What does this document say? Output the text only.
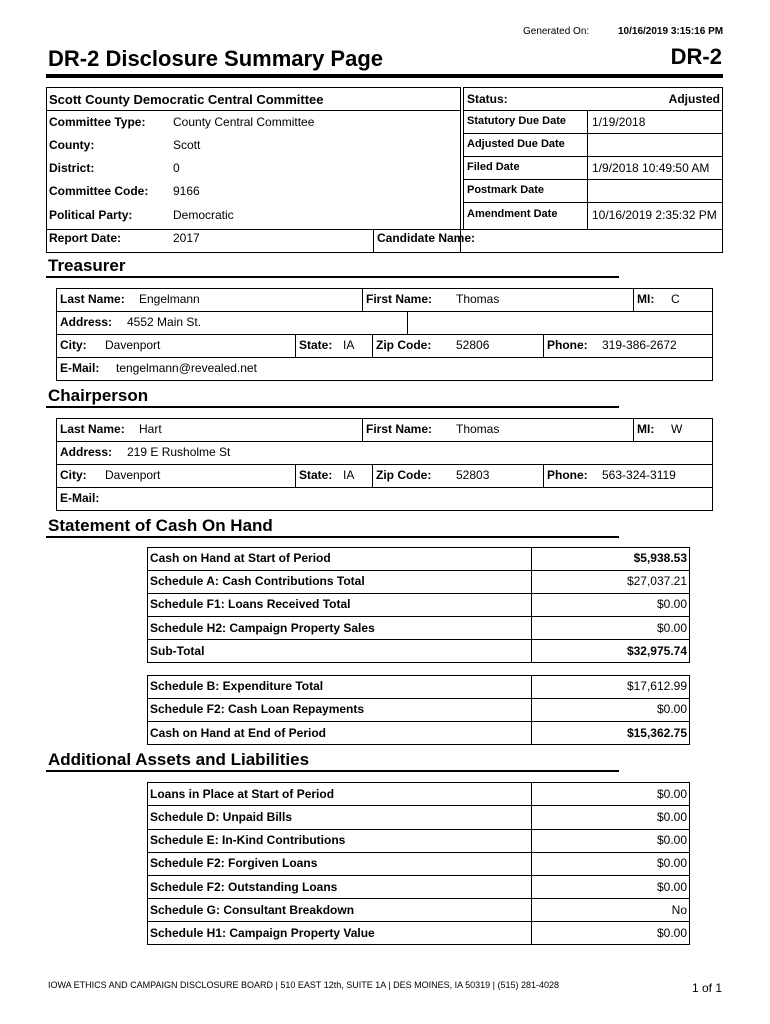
Generated On:	10/16/2019 3:15:16 PM
DR-2 Disclosure Summary Page	DR-2
Scott County Democratic Central Committee
Committee Type: County Central Committee
County:	Scott
District:	0
Committee Code: 9166
Political Party:	Democratic
Report Date:	2017	Candidate Name:
Status:	Adjusted
Statutory Due Date 1/19/2018
Adjusted Due Date
Filed Date	1/9/2018 10:49:50 AM
Postmark Date
Amendment Date	10/16/2019 2:35:32 PM
Treasurer
Last Name: Engelmann	First Name: Thomas	MI: C
Address: 4552 Main St.
City: Davenport	State: IA Zip Code: 52806	Phone: 319-386-2672
E-Mail: tengelmann@revealed.net
Chairperson
Last Name: Hart	First Name: Thomas	MI: W
Address: 219 E Rusholme St
City: Davenport	State: IA Zip Code: 52803	Phone: 563-324-3119
E-Mail:
Statement of Cash On Hand
Cash on Hand at Start of Period	$5,938.53
Schedule A: Cash Contributions Total	$27,037.21
Schedule F1: Loans Received Total	$0.00
Schedule H2: Campaign Property Sales	$0.00
Sub-Total	$32,975.74
Schedule B: Expenditure Total	$17,612.99
Schedule F2: Cash Loan Repayments	$0.00
Cash on Hand at End of Period	$15,362.75
Additional Assets and Liabilities
Loans in Place at Start of Period	$0.00
Schedule D: Unpaid Bills	$0.00
Schedule E: In-Kind Contributions	$0.00
Schedule F2: Forgiven Loans	$0.00
Schedule F2: Outstanding Loans	$0.00
Schedule G: Consultant Breakdown	No
Schedule H1: Campaign Property Value	$0.00
IOWA ETHICS AND CAMPAIGN DISCLOSURE BOARD | 510 EAST 12th, SUITE 1A | DES MOINES, IA 50319 | (515) 281-4028	1 of 1
